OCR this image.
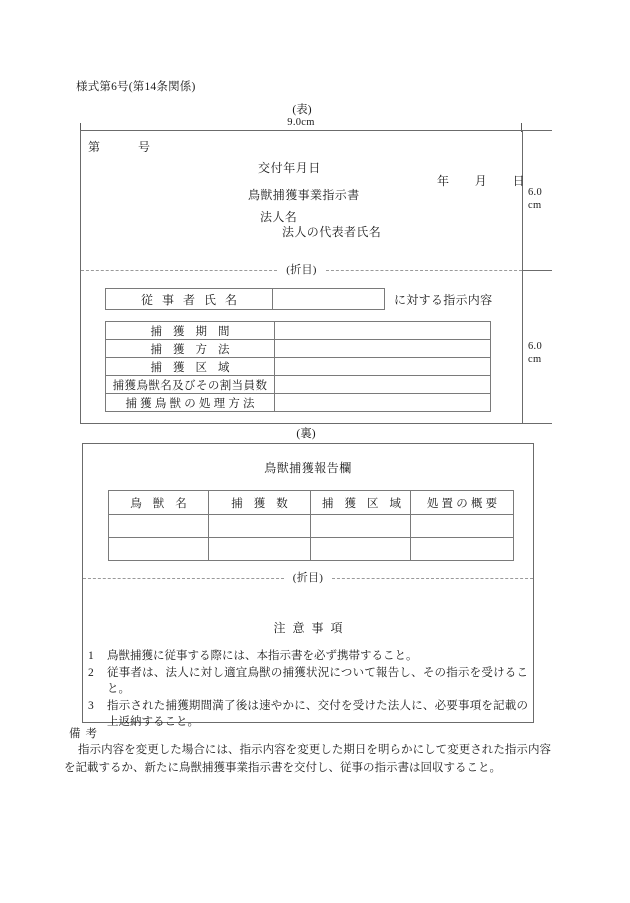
様式第6号(第14条関係)
(表)
9.0cm
6.0
cm
6.0
cm
第　　　号
交付年月日
年　　月　　日
鳥獣捕獲事業指示書
法人名
法人の代表者氏名
(折目)
従事者氏名	に対する指示内容
捕獲期間	
捕獲方法	
捕獲区域	
捕獲鳥獣名及びその割当員数	
捕獲鳥獣の処理方法	
(裏)
鳥獣捕獲報告欄
鳥獣名	捕獲数	捕獲区域	処置の概要

(折目)
注意事項
1	鳥獣捕獲に従事する際には、本指示書を必ず携帯すること。
2	従事者は、法人に対し適宜鳥獣の捕獲状況について報告し、その指示を受けること。
3	指示された捕獲期間満了後は速やかに、交付を受けた法人に、必要事項を記載の上返納すること。
備考
指示内容を変更した場合には、指示内容を変更した期日を明らかにして変更された指示内容を記載するか、新たに鳥獣捕獲事業指示書を交付し、従事の指示書は回収すること。
